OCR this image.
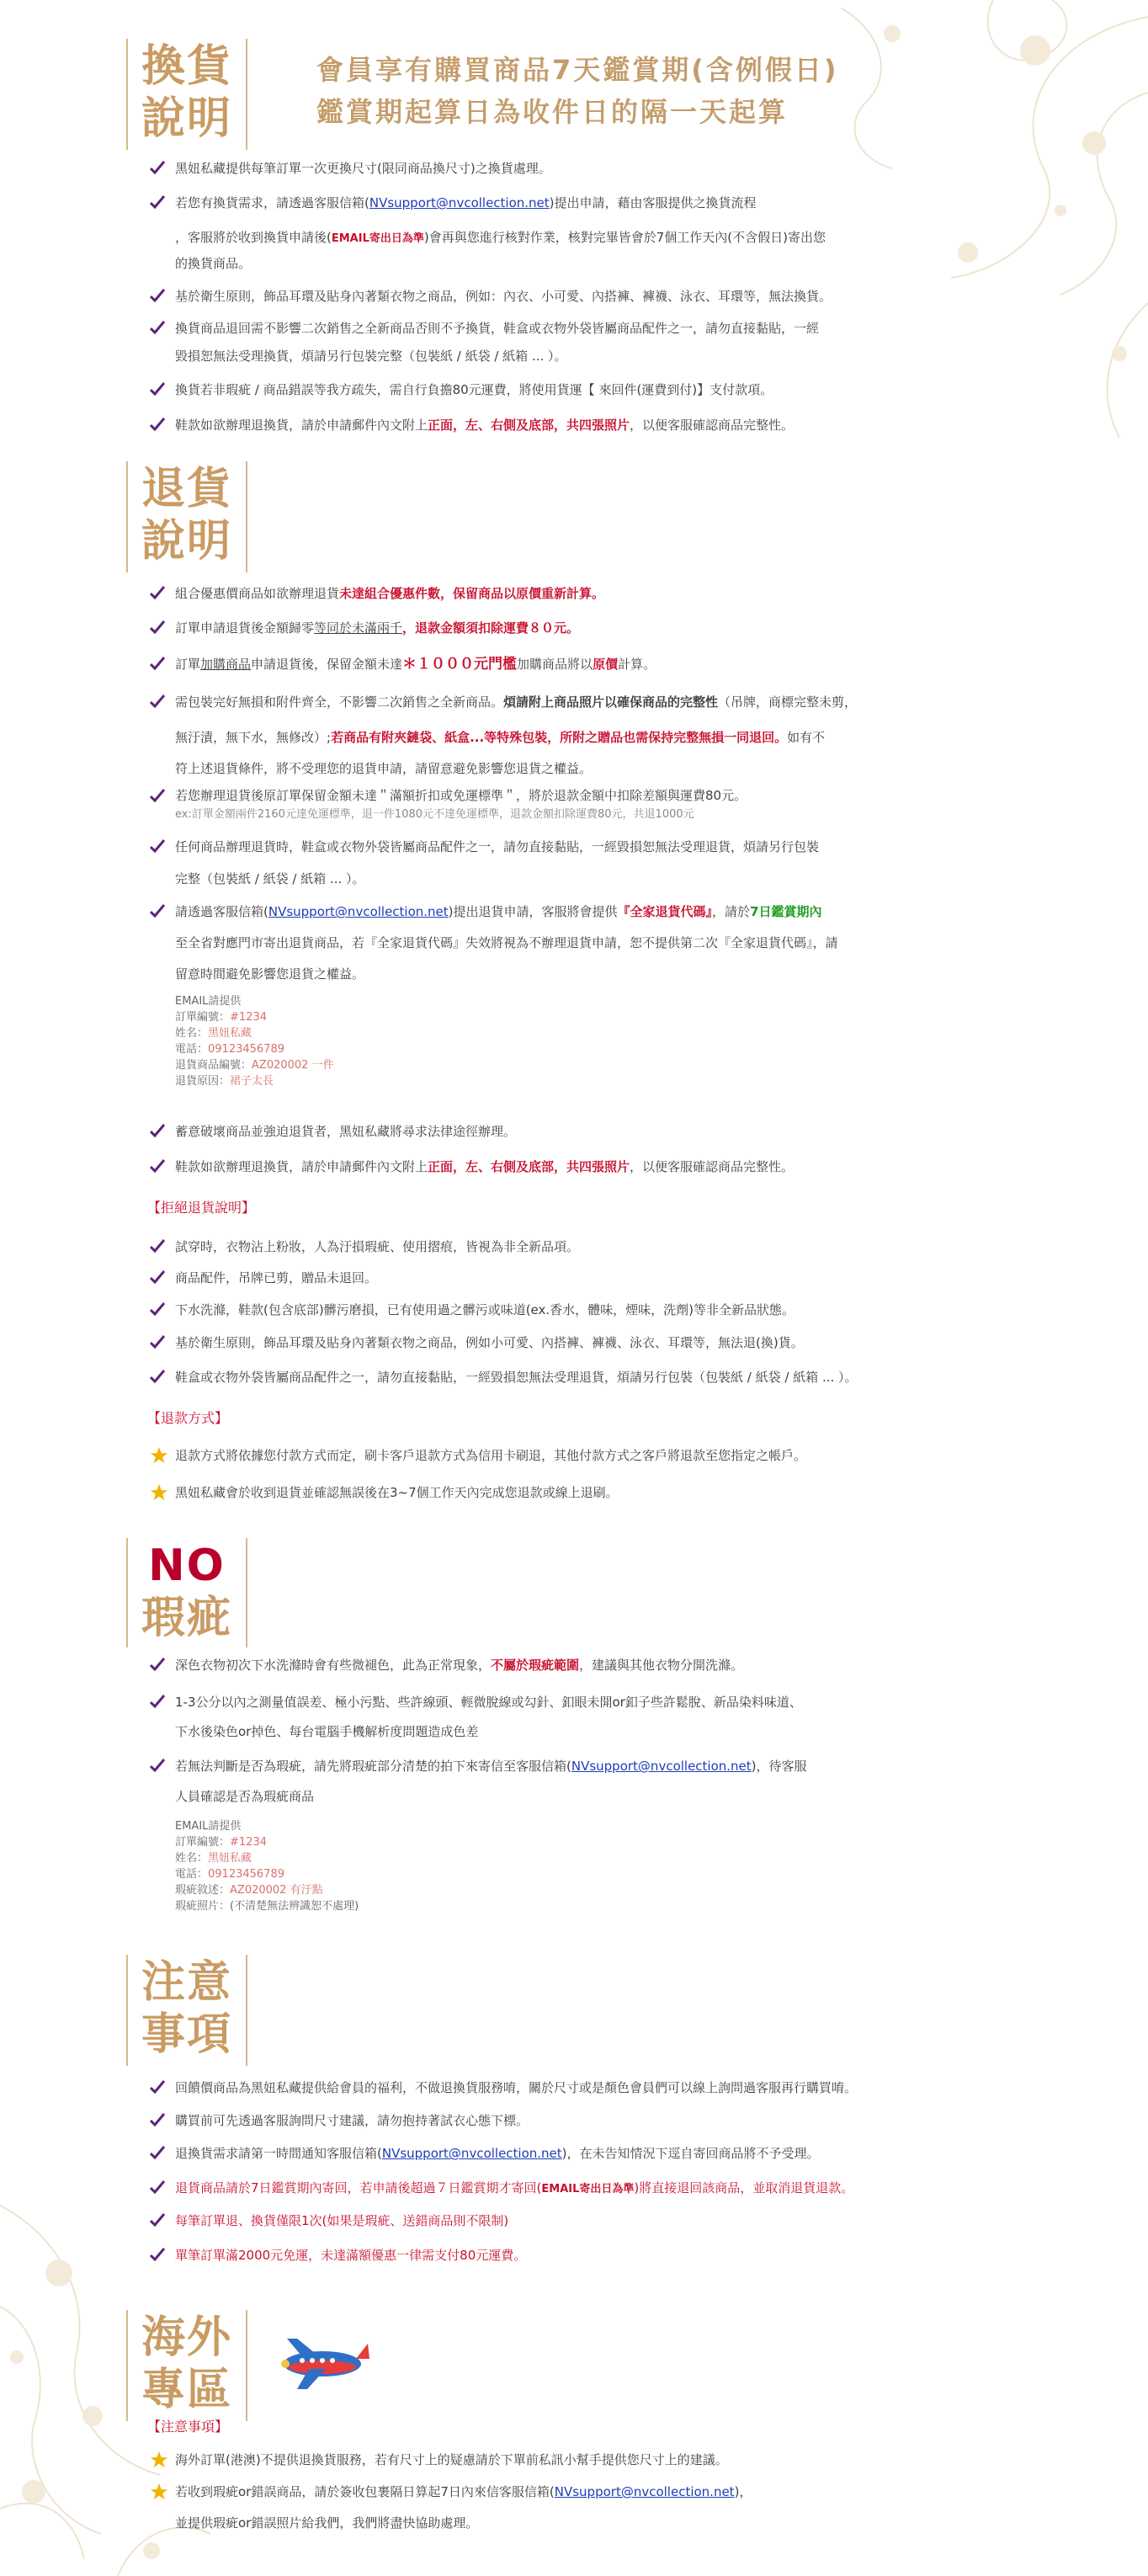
換貨
說明
會員享有購買商品7天鑑賞期(含例假日)
鑑賞期起算日為收件日的隔一天起算
黑妞私藏提供每筆訂單一次更換尺寸(限同商品換尺寸)之換貨處理。
若您有換貨需求，請透過客服信箱(NVsupport@nvcollection.net)提出申請，藉由客服提供之換貨流程
，客服將於收到換貨申請後(EMAIL寄出日為準)會再與您進行核對作業，核對完畢皆會於7個工作天內(不含假日)寄出您
的換貨商品。
基於衛生原則，飾品耳環及貼身內著類衣物之商品，例如：內衣、小可愛、內搭褲、褲襪、泳衣、耳環等，無法換貨。
換貨商品退回需不影響二次銷售之全新商品否則不予換貨，鞋盒或衣物外袋皆屬商品配件之一，請勿直接黏貼，一經
毀損恕無法受理換貨，煩請另行包裝完整（包裝紙 / 紙袋 / 紙箱 ... ）。
換貨若非瑕疵 / 商品錯誤等我方疏失，需自行負擔80元運費，將使用貨運【 來回件(運費到付)】支付款項。
鞋款如欲辦理退換貨，請於申請郵件內文附上正面，左、右側及底部，共四張照片，以便客服確認商品完整性。
退貨
說明
組合優惠價商品如欲辦理退貨未達組合優惠件數，保留商品以原價重新計算。
訂單申請退貨後金額歸零等同於未滿兩千，退款金額須扣除運費８０元。
訂單加購商品申請退貨後，保留金額未達＊１０００元門檻加購商品將以原價計算。
需包裝完好無損和附件齊全，不影響二次銷售之全新商品。煩請附上商品照片以確保商品的完整性（吊牌，商標完整未剪，
無汙漬，無下水，無修改）;若商品有附夾鏈袋、紙盒...等特殊包裝，所附之贈品也需保持完整無損一同退回。如有不
符上述退貨條件，將不受理您的退貨申請，請留意避免影響您退貨之權益。
若您辦理退貨後原訂單保留金額未達＂滿額折扣或免運標準＂，將於退款金額中扣除差額與運費80元。
ex:訂單金額兩件2160元達免運標準，退一件1080元不達免運標準，退款金額扣除運費80元，共退1000元
任何商品辦理退貨時，鞋盒或衣物外袋皆屬商品配件之一，請勿直接黏貼，一經毀損恕無法受理退貨，煩請另行包裝
完整（包裝紙 / 紙袋 / 紙箱 ... ）。
請透過客服信箱(NVsupport@nvcollection.net)提出退貨申請，客服將會提供『全家退貨代碼』，請於7日鑑賞期內
至全省對應門市寄出退貨商品，若『全家退貨代碼』失效將視為不辦理退貨申請，恕不提供第二次『全家退貨代碼』，請
留意時間避免影響您退貨之權益。
EMAIL請提供
訂單編號：#1234
姓名：黑妞私藏
電話：09123456789
退貨商品編號：AZ020002 一件
退貨原因：裙子太長
蓄意破壞商品並強迫退貨者，黑妞私藏將尋求法律途徑辦理。
鞋款如欲辦理退換貨，請於申請郵件內文附上正面，左、右側及底部，共四張照片，以便客服確認商品完整性。
【拒絕退貨說明】
試穿時，衣物沾上粉妝，人為汙損瑕疵、使用摺痕，皆視為非全新品項。
商品配件，吊牌已剪，贈品未退回。
下水洗滌，鞋款(包含底部)髒污磨損，已有使用過之髒污或味道(ex.香水，體味，煙味，洗劑)等非全新品狀態。
基於衛生原則，飾品耳環及貼身內著類衣物之商品，例如小可愛、內搭褲、褲襪、泳衣、耳環等，無法退(換)貨。
鞋盒或衣物外袋皆屬商品配件之一，請勿直接黏貼，一經毀損恕無法受理退貨，煩請另行包裝（包裝紙 / 紙袋 / 紙箱 ... ）。
【退款方式】
退款方式將依據您付款方式而定，刷卡客戶退款方式為信用卡刷退，其他付款方式之客戶將退款至您指定之帳戶。
黑妞私藏會於收到退貨並確認無誤後在3~7個工作天內完成您退款或線上退刷。
NO
瑕疵
深色衣物初次下水洗滌時會有些微褪色，此為正常現象，不屬於瑕疵範圍，建議與其他衣物分開洗滌。
1-3公分以內之測量值誤差、極小污點、些許線頭、輕微脫線或勾針、釦眼未開or釦子些許鬆脫、新品染料味道、
下水後染色or掉色、每台電腦手機解析度問題造成色差
若無法判斷是否為瑕疵，請先將瑕疵部分清楚的拍下來寄信至客服信箱(NVsupport@nvcollection.net)，待客服
人員確認是否為瑕疵商品
EMAIL請提供
訂單編號：#1234
姓名：黑妞私藏
電話：09123456789
瑕疵敘述：AZ020002 有汙點
瑕疵照片：(不清楚無法辨識恕不處理)
注意
事項
回饋價商品為黑妞私藏提供給會員的福利，不做退換貨服務唷，關於尺寸或是顏色會員們可以線上詢問過客服再行購買唷。
購買前可先透過客服詢問尺寸建議，請勿抱持著試衣心態下標。
退換貨需求請第一時間通知客服信箱(NVsupport@nvcollection.net)，在未告知情況下逕自寄回商品將不予受理。
退貨商品請於7日鑑賞期內寄回，若申請後超過７日鑑賞期才寄回(EMAIL寄出日為準)將直接退回該商品，並取消退貨退款。
每筆訂單退、換貨僅限1次(如果是瑕疵、送錯商品則不限制)
單筆訂單滿2000元免運，未達滿額優惠一律需支付80元運費。
海外
專區
【注意事項】
海外訂單(港澳)不提供退換貨服務，若有尺寸上的疑慮請於下單前私訊小幫手提供您尺寸上的建議。
若收到瑕疵or錯誤商品，請於簽收包裹隔日算起7日內來信客服信箱(NVsupport@nvcollection.net)，
並提供瑕疵or錯誤照片給我們，我們將盡快協助處理。
